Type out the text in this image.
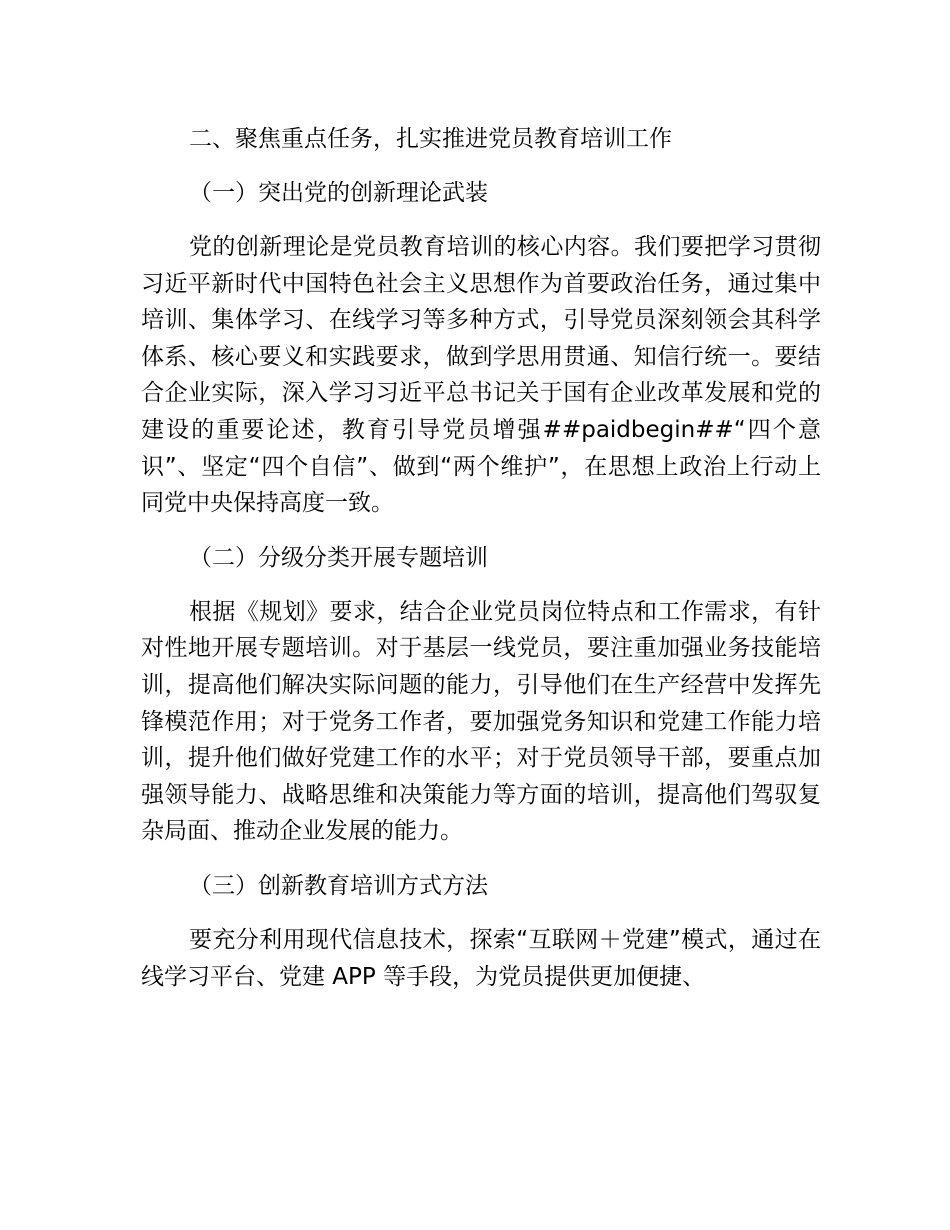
二、聚焦重点任务，扎实推进党员教育培训工作

（一）突出党的创新理论武装

党的创新理论是党员教育培训的核心内容。我们要把学习贯彻习近平新时代中国特色社会主义思想作为首要政治任务，通过集中培训、集体学习、在线学习等多种方式，引导党员深刻领会其科学体系、核心要义和实践要求，做到学思用贯通、知信行统一。要结合企业实际，深入学习习近平总书记关于国有企业改革发展和党的建设的重要论述，教育引导党员增强##paidbegin##“四个意识”、坚定“四个自信”、做到“两个维护”，在思想上政治上行动上同党中央保持高度一致。

（二）分级分类开展专题培训

根据《规划》要求，结合企业党员岗位特点和工作需求，有针对性地开展专题培训。对于基层一线党员，要注重加强业务技能培训，提高他们解决实际问题的能力，引导他们在生产经营中发挥先锋模范作用；对于党务工作者，要加强党务知识和党建工作能力培训，提升他们做好党建工作的水平；对于党员领导干部，要重点加强领导能力、战略思维和决策能力等方面的培训，提高他们驾驭复杂局面、推动企业发展的能力。

（三）创新教育培训方式方法

要充分利用现代信息技术，探索“互联网＋党建”模式，通过在线学习平台、党建 APP 等手段，为党员提供更加便捷、
